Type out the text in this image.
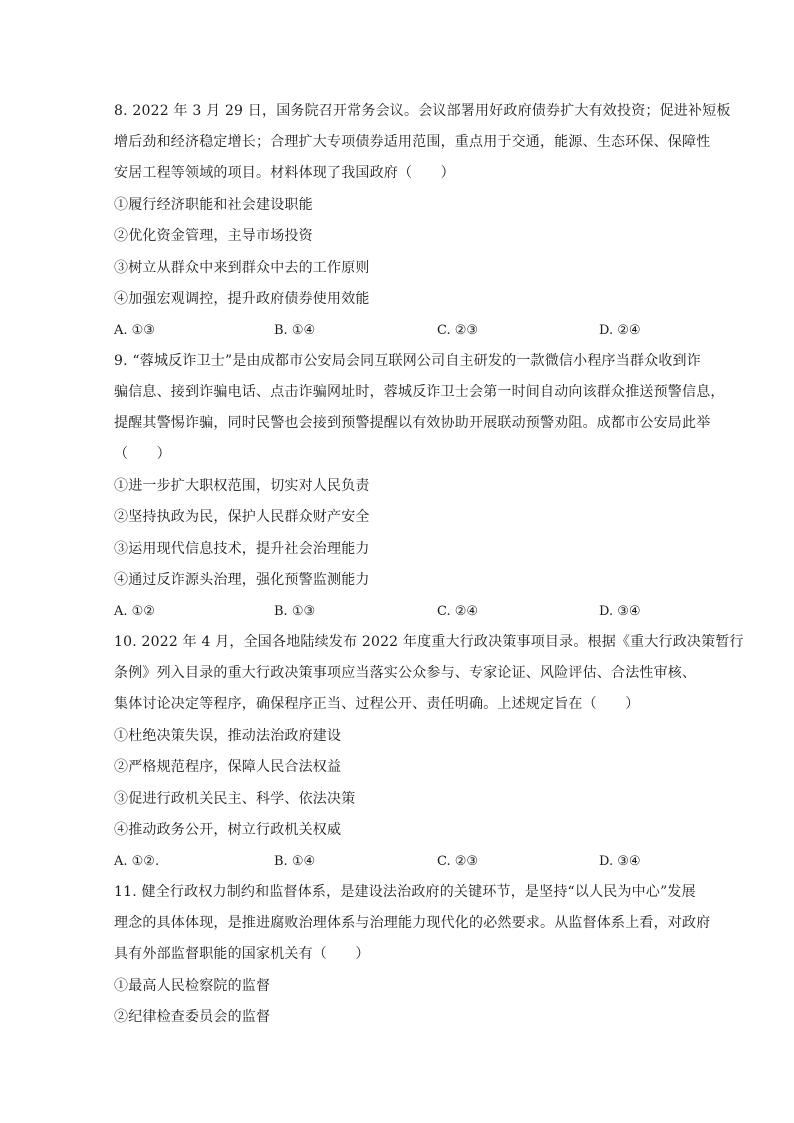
8. 2022 年 3 月 29 日，国务院召开常务会议。会议部署用好政府债券扩大有效投资；促进补短板
增后劲和经济稳定增长；合理扩大专项债券适用范围，重点用于交通，能源、生态环保、保障性
安居工程等领域的项目。材料体现了我国政府（　　）
①履行经济职能和社会建设职能
②优化资金管理，主导市场投资
③树立从群众中来到群众中去的工作原则
④加强宏观调控，提升政府债券使用效能
A. ①③	B. ①④	C. ②③	D. ②④
9. “蓉城反诈卫士”是由成都市公安局会同互联网公司自主研发的一款微信小程序当群众收到诈
骗信息、接到诈骗电话、点击诈骗网址时，蓉城反诈卫士会第一时间自动向该群众推送预警信息，
提醒其警惕诈骗，同时民警也会接到预警提醒以有效协助开展联动预警劝阻。成都市公安局此举
（　　）
①进一步扩大职权范围，切实对人民负责
②坚持执政为民，保护人民群众财产安全
③运用现代信息技术，提升社会治理能力
④通过反诈源头治理，强化预警监测能力
A. ①②	B. ①③	C. ②④	D. ③④
10. 2022 年 4 月，全国各地陆续发布 2022 年度重大行政决策事项目录。根据《重大行政决策暂行
条例》列入目录的重大行政决策事项应当落实公众参与、专家论证、风险评估、合法性审核、
集体讨论决定等程序，确保程序正当、过程公开、责任明确。上述规定旨在（　　）
①杜绝决策失误，推动法治政府建设
②严格规范程序，保障人民合法权益
③促进行政机关民主、科学、依法决策
④推动政务公开，树立行政机关权威
A. ①②.	B. ①④	C. ②③	D. ③④
11. 健全行政权力制约和监督体系，是建设法治政府的关键环节，是坚持“以人民为中心”发展
理念的具体体现，是推进腐败治理体系与治理能力现代化的必然要求。从监督体系上看，对政府
具有外部监督职能的国家机关有（　　）
①最高人民检察院的监督
②纪律检查委员会的监督
